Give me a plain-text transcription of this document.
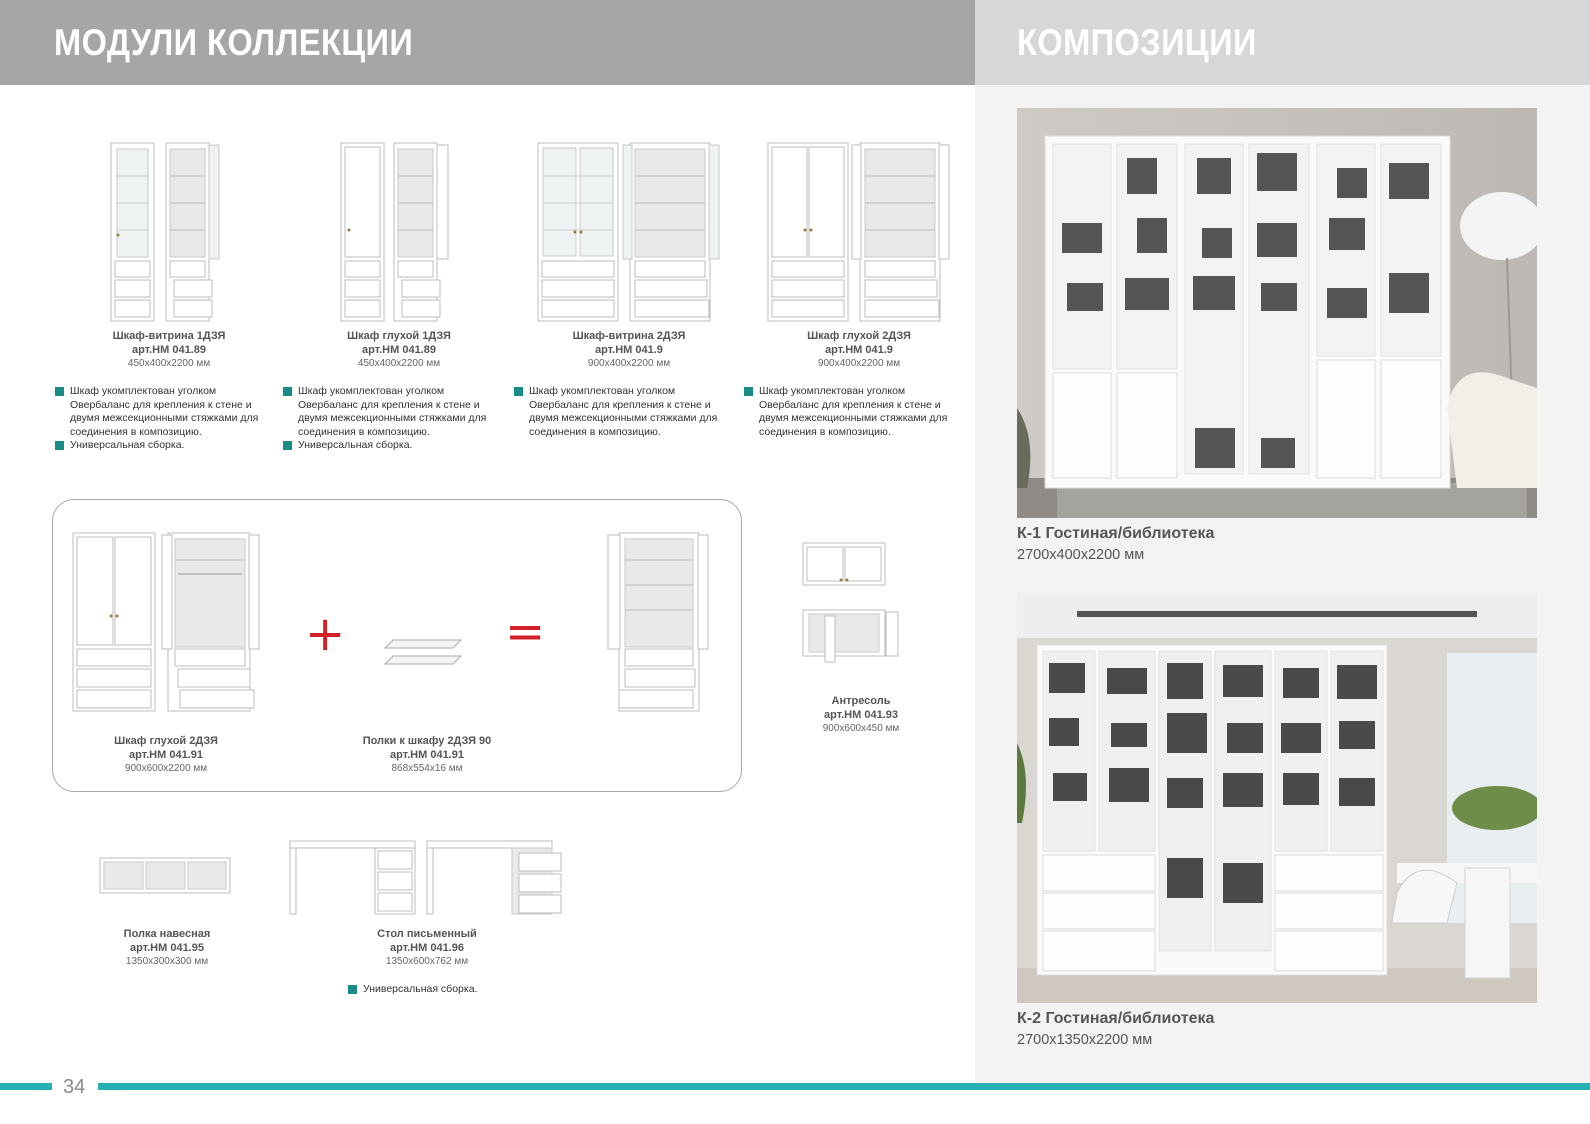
МОДУЛИ КОЛЛЕКЦИИ	КОМПОЗИЦИИ
Шкаф-витрина 1ДЗЯ
арт.НМ 041.89
450х400х2200 мм
Шкаф укомплектован уголком Овербаланс для крепления к стене и двумя межсекционными стяжками для соединения в композицию.
Универсальная сборка.
Шкаф глухой 1ДЗЯ
арт.НМ 041.89
450х400х2200 мм
Шкаф укомплектован уголком Овербаланс для крепления к стене и двумя межсекционными стяжками для соединения в композицию.
Универсальная сборка.
Шкаф-витрина 2ДЗЯ
арт.НМ 041.9
900х400х2200 мм
Шкаф укомплектован уголком Овербаланс для крепления к стене и двумя межсекционными стяжками для соединения в композицию.
Шкаф глухой 2ДЗЯ
арт.НМ 041.9
900х400х2200 мм
Шкаф укомплектован уголком Овербаланс для крепления к стене и двумя межсекционными стяжками для соединения в композицию.
Шкаф глухой 2ДЗЯ
арт.НМ 041.91
900х600х2200 мм
+
Полки к шкафу 2ДЗЯ 90
арт.НМ 041.91
868х554х16 мм
=
Антресоль
арт.НМ 041.93
900х600х450 мм
Полка навесная
арт.НМ 041.95
1350х300х300 мм
Стол письменный
арт.НМ 041.96
1350х600х762 мм
Универсальная сборка.
К-1 Гостиная/библиотека
2700х400х2200 мм
К-2 Гостиная/библиотека
2700х1350х2200 мм
34
